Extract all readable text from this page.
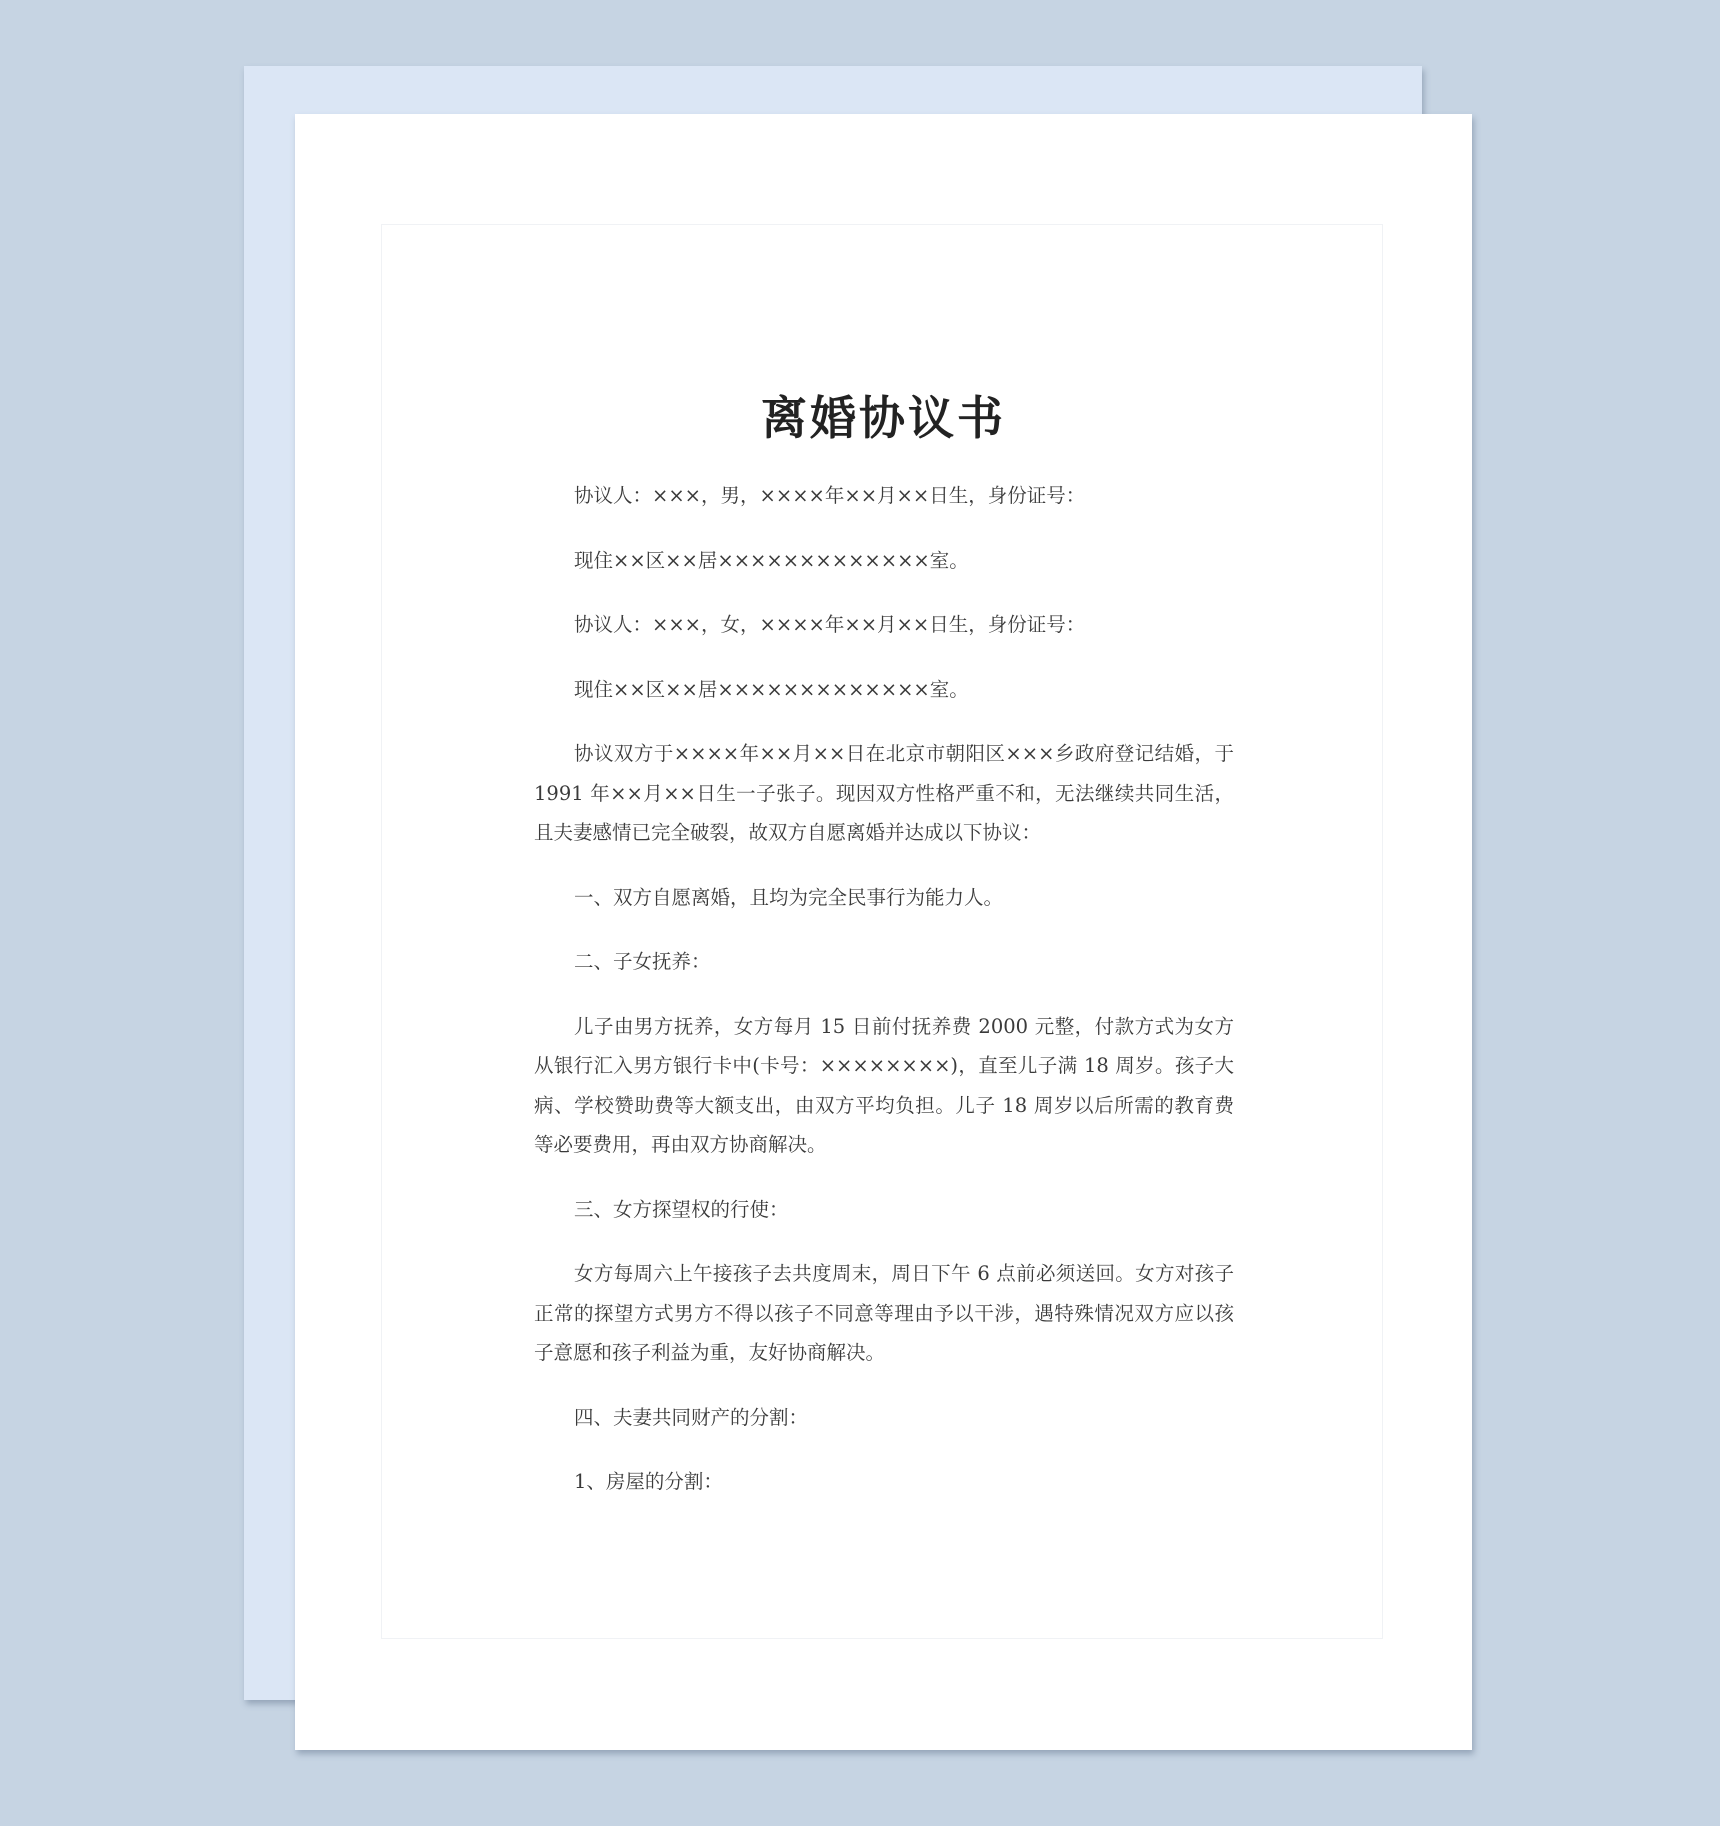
离婚协议书

协议人：×××，男，××××年××月××日生，身份证号：

现住××区××居×××××××××××××室。

协议人：×××，女，××××年××月××日生，身份证号：

现住××区××居×××××××××××××室。

协议双方于××××年××月××日在北京市朝阳区×××乡政府登记结婚，于 1991 年××月××日生一子张子。现因双方性格严重不和，无法继续共同生活，且夫妻感情已完全破裂，故双方自愿离婚并达成以下协议：

一、双方自愿离婚，且均为完全民事行为能力人。

二、子女抚养：

儿子由男方抚养，女方每月 15 日前付抚养费 2000 元整，付款方式为女方从银行汇入男方银行卡中(卡号：××××××××)，直至儿子满 18 周岁。孩子大病、学校赞助费等大额支出，由双方平均负担。儿子 18 周岁以后所需的教育费等必要费用，再由双方协商解决。

三、女方探望权的行使：

女方每周六上午接孩子去共度周末，周日下午 6 点前必须送回。女方对孩子正常的探望方式男方不得以孩子不同意等理由予以干涉，遇特殊情况双方应以孩子意愿和孩子利益为重，友好协商解决。

四、夫妻共同财产的分割：

1、房屋的分割：
